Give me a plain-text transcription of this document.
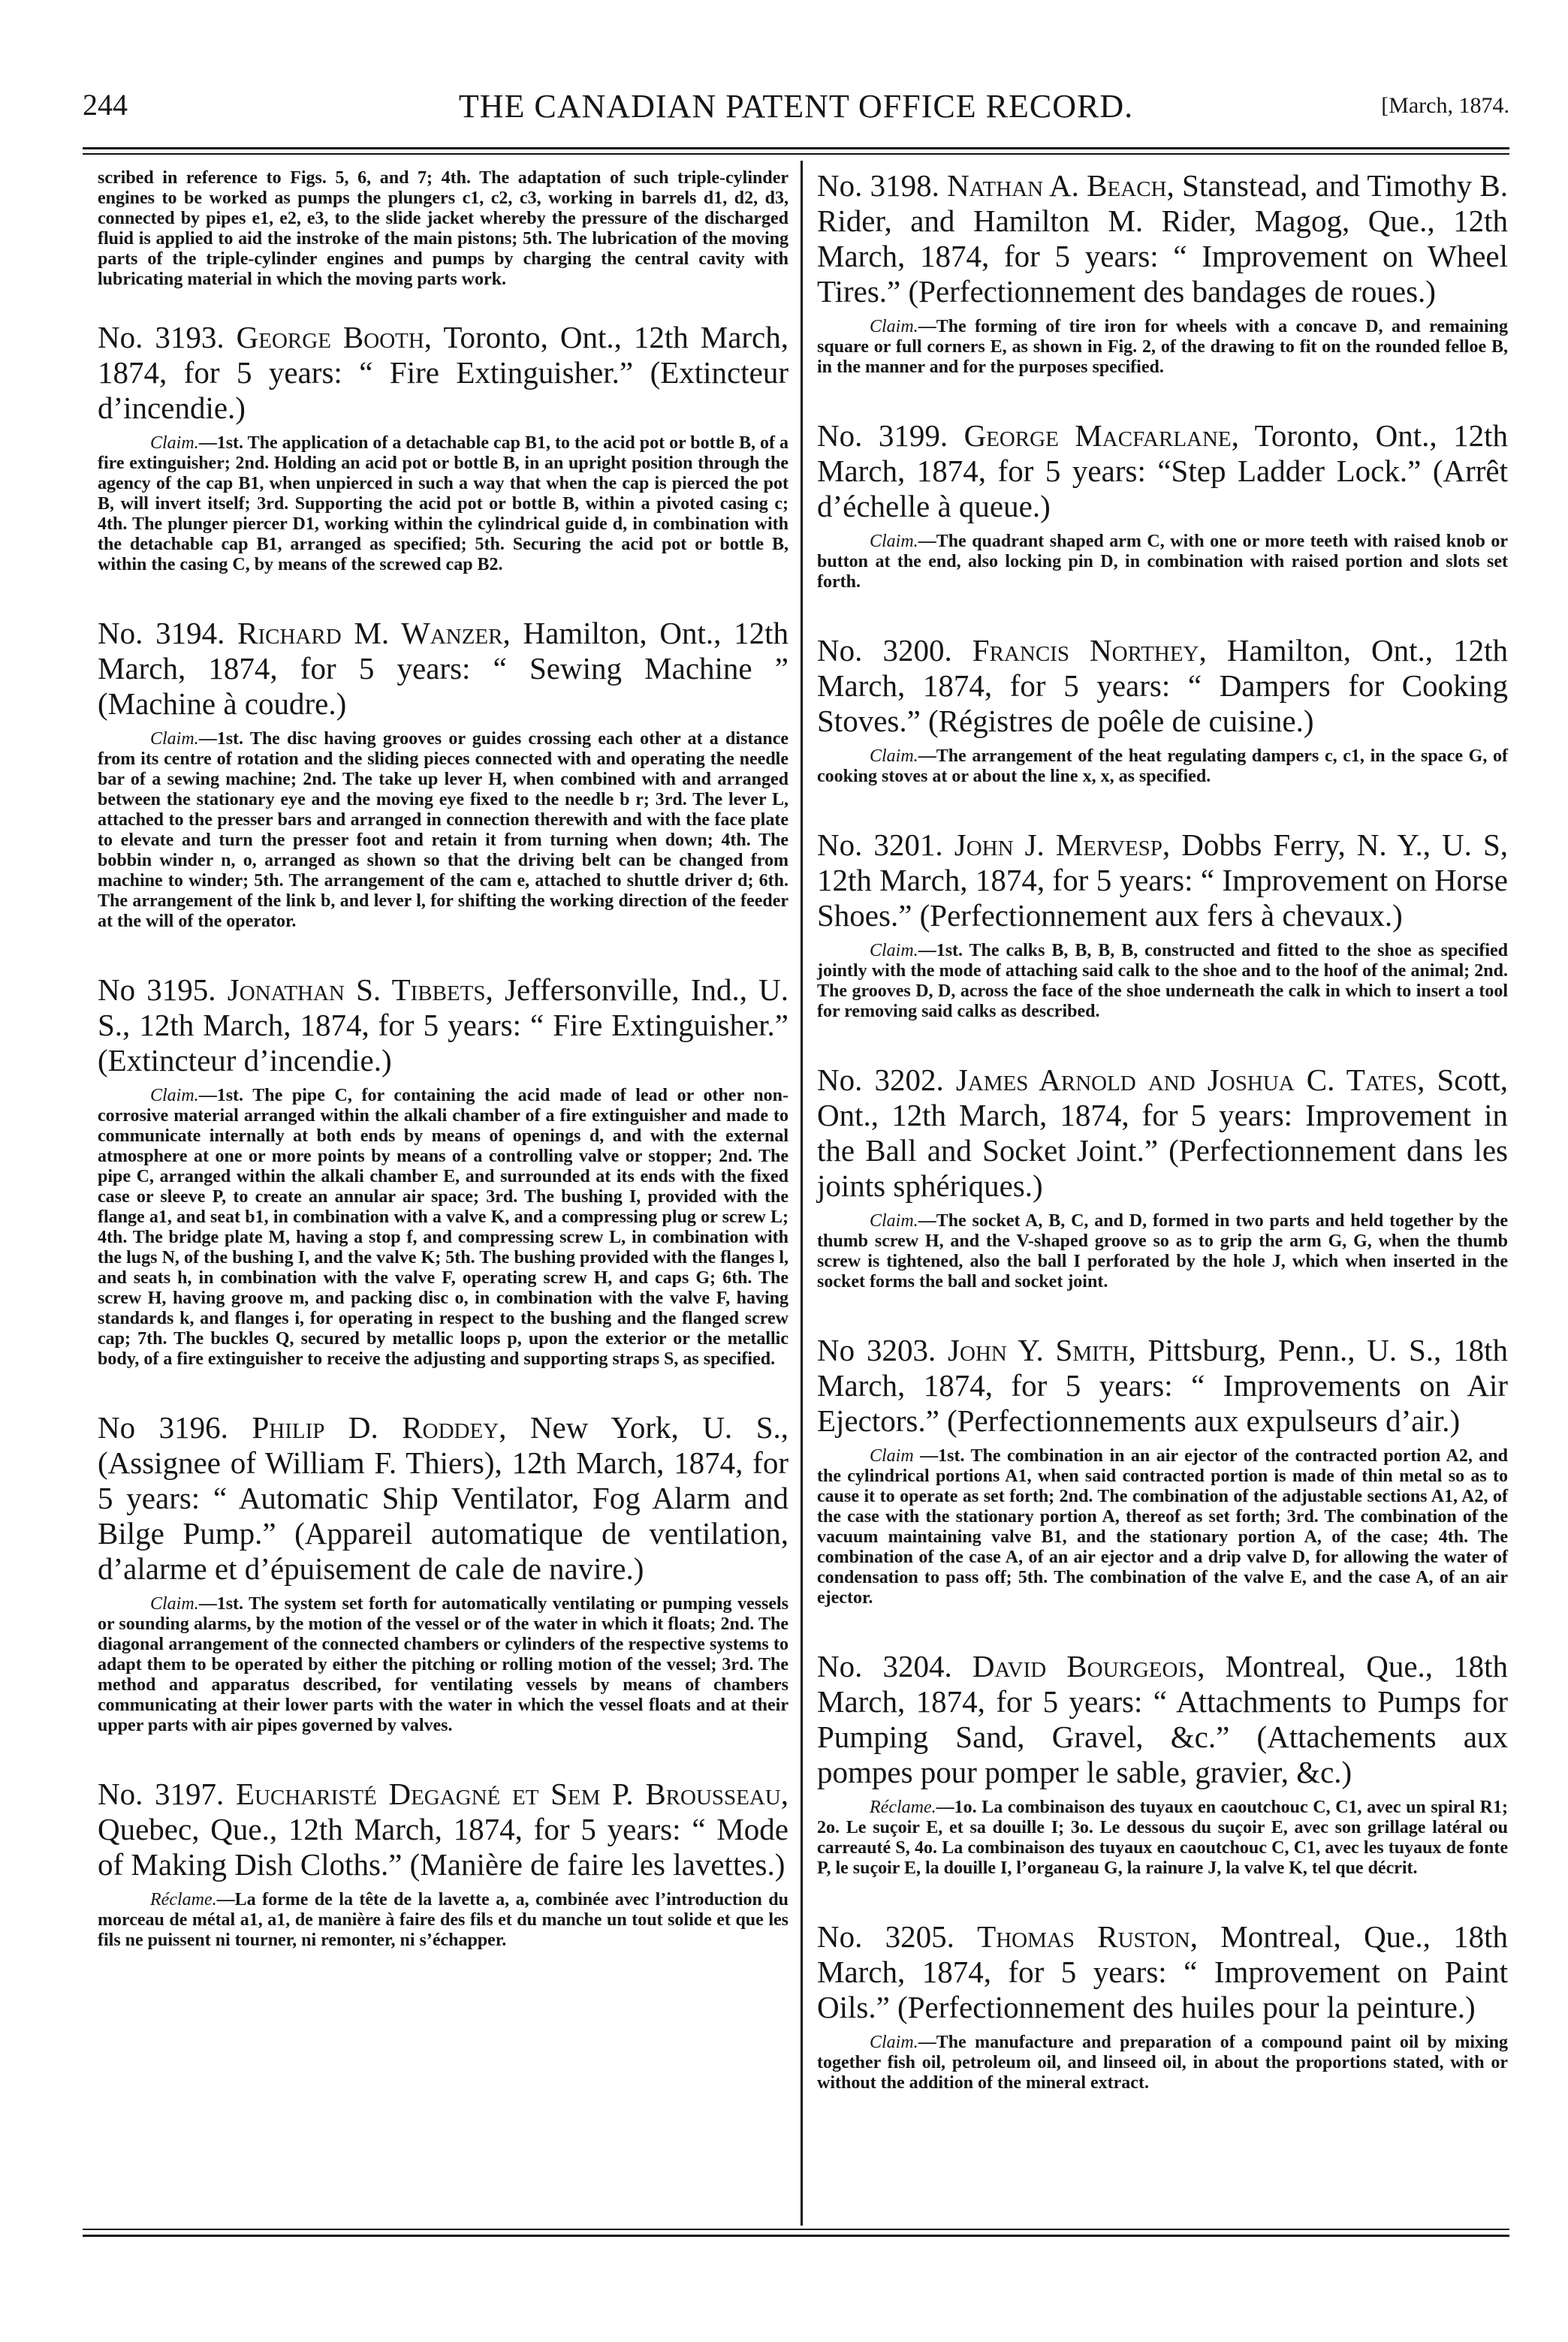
244	THE CANADIAN PATENT OFFICE RECORD.	[March, 1874.

scribed in reference to Figs. 5, 6, and 7; 4th. The adaptation of such triple-cylinder engines to be worked as pumps the plungers c1, c2, c3, working in barrels d1, d2, d3, connected by pipes e1, e2, e3, to the slide jacket whereby the pressure of the discharged fluid is applied to aid the instroke of the main pistons; 5th. The lubrication of the moving parts of the triple-cylinder engines and pumps by charging the central cavity with lubricating material in which the moving parts work.

No. 3193. George Booth, Toronto, Ont., 12th March, 1874, for 5 years: “ Fire Extinguisher.” (Extincteur d’incendie.)

Claim.—1st. The application of a detachable cap B1, to the acid pot or bottle B, of a fire extinguisher; 2nd. Holding an acid pot or bottle B, in an upright position through the agency of the cap B1, when unpierced in such a way that when the cap is pierced the pot B, will invert itself; 3rd. Supporting the acid pot or bottle B, within a pivoted casing c; 4th. The plunger piercer D1, working within the cylindrical guide d, in combination with the detachable cap B1, arranged as specified; 5th. Securing the acid pot or bottle B, within the casing C, by means of the screwed cap B2.

No. 3194. Richard M. Wanzer, Hamilton, Ont., 12th March, 1874, for 5 years: “ Sewing Machine ” (Machine à coudre.)

Claim.—1st. The disc having grooves or guides crossing each other at a distance from its centre of rotation and the sliding pieces connected with and operating the needle bar of a sewing machine; 2nd. The take up lever H, when combined with and arranged between the stationary eye and the moving eye fixed to the needle b r; 3rd. The lever L, attached to the presser bars and arranged in connection therewith and with the face plate to elevate and turn the presser foot and retain it from turning when down; 4th. The bobbin winder n, o, arranged as shown so that the driving belt can be changed from machine to winder; 5th. The arrangement of the cam e, attached to shuttle driver d; 6th. The arrangement of the link b, and lever l, for shifting the working direction of the feeder at the will of the operator.

No 3195. Jonathan S. Tibbets, Jeffersonville, Ind., U. S., 12th March, 1874, for 5 years: “ Fire Extinguisher.” (Extincteur d’incendie.)

Claim.—1st. The pipe C, for containing the acid made of lead or other non-corrosive material arranged within the alkali chamber of a fire extinguisher and made to communicate internally at both ends by means of openings d, and with the external atmosphere at one or more points by means of a controlling valve or stopper; 2nd. The pipe C, arranged within the alkali chamber E, and surrounded at its ends with the fixed case or sleeve P, to create an annular air space; 3rd. The bushing I, provided with the flange a1, and seat b1, in combination with a valve K, and a compressing plug or screw L; 4th. The bridge plate M, having a stop f, and compressing screw L, in combination with the lugs N, of the bushing I, and the valve K; 5th. The bushing provided with the flanges l, and seats h, in combination with the valve F, operating screw H, and caps G; 6th. The screw H, having groove m, and packing disc o, in combination with the valve F, having standards k, and flanges i, for operating in respect to the bushing and the flanged screw cap; 7th. The buckles Q, secured by metallic loops p, upon the exterior or the metallic body, of a fire extinguisher to receive the adjusting and supporting straps S, as specified.

No 3196. Philip D. Roddey, New York, U. S., (Assignee of William F. Thiers), 12th March, 1874, for 5 years: “ Automatic Ship Ventilator, Fog Alarm and Bilge Pump.” (Appareil automatique de ventilation, d’alarme et d’épuisement de cale de navire.)

Claim.—1st. The system set forth for automatically ventilating or pumping vessels or sounding alarms, by the motion of the vessel or of the water in which it floats; 2nd. The diagonal arrangement of the connected chambers or cylinders of the respective systems to adapt them to be operated by either the pitching or rolling motion of the vessel; 3rd. The method and apparatus described, for ventilating vessels by means of chambers communicating at their lower parts with the water in which the vessel floats and at their upper parts with air pipes governed by valves.

No. 3197. Eucharisté Degagné et Sem P. Brousseau, Quebec, Que., 12th March, 1874, for 5 years: “ Mode of Making Dish Cloths.” (Manière de faire les lavettes.)

Réclame.—La forme de la tête de la lavette a, a, combinée avec l’introduction du morceau de métal a1, a1, de manière à faire des fils et du manche un tout solide et que les fils ne puissent ni tourner, ni remonter, ni s’échapper.

No. 3198. Nathan A. Beach, Stanstead, and Timothy B. Rider, and Hamilton M. Rider, Magog, Que., 12th March, 1874, for 5 years: “ Improvement on Wheel Tires.” (Perfectionnement des bandages de roues.)

Claim.—The forming of tire iron for wheels with a concave D, and remaining square or full corners E, as shown in Fig. 2, of the drawing to fit on the rounded felloe B, in the manner and for the purposes specified.

No. 3199. George Macfarlane, Toronto, Ont., 12th March, 1874, for 5 years: “Step Ladder Lock.” (Arrêt d’échelle à queue.)

Claim.—The quadrant shaped arm C, with one or more teeth with raised knob or button at the end, also locking pin D, in combination with raised portion and slots set forth.

No. 3200. Francis Northey, Hamilton, Ont., 12th March, 1874, for 5 years: “ Dampers for Cooking Stoves.” (Régistres de poêle de cuisine.)

Claim.—The arrangement of the heat regulating dampers c, c1, in the space G, of cooking stoves at or about the line x, x, as specified.

No. 3201. John J. Mervesp, Dobbs Ferry, N. Y., U. S, 12th March, 1874, for 5 years: “ Improvement on Horse Shoes.” (Perfectionnement aux fers à chevaux.)

Claim.—1st. The calks B, B, B, B, constructed and fitted to the shoe as specified jointly with the mode of attaching said calk to the shoe and to the hoof of the animal; 2nd. The grooves D, D, across the face of the shoe underneath the calk in which to insert a tool for removing said calks as described.

No. 3202. James Arnold and Joshua C. Tates, Scott, Ont., 12th March, 1874, for 5 years: Improvement in the Ball and Socket Joint.” (Perfectionnement dans les joints sphériques.)

Claim.—The socket A, B, C, and D, formed in two parts and held together by the thumb screw H, and the V-shaped groove so as to grip the arm G, G, when the thumb screw is tightened, also the ball I perforated by the hole J, which when inserted in the socket forms the ball and socket joint.

No 3203. John Y. Smith, Pittsburg, Penn., U. S., 18th March, 1874, for 5 years: “ Improvements on Air Ejectors.” (Perfectionnements aux expulseurs d’air.)

Claim —1st. The combination in an air ejector of the contracted portion A2, and the cylindrical portions A1, when said contracted portion is made of thin metal so as to cause it to operate as set forth; 2nd. The combination of the adjustable sections A1, A2, of the case with the stationary portion A, thereof as set forth; 3rd. The combination of the vacuum maintaining valve B1, and the stationary portion A, of the case; 4th. The combination of the case A, of an air ejector and a drip valve D, for allowing the water of condensation to pass off; 5th. The combination of the valve E, and the case A, of an air ejector.

No. 3204. David Bourgeois, Montreal, Que., 18th March, 1874, for 5 years: “ Attachments to Pumps for Pumping Sand, Gravel, &c.” (Attachements aux pompes pour pomper le sable, gravier, &c.)

Réclame.—1o. La combinaison des tuyaux en caoutchouc C, C1, avec un spiral R1; 2o. Le suçoir E, et sa douille I; 3o. Le dessous du suçoir E, avec son grillage latéral ou carreauté S, 4o. La combinaison des tuyaux en caoutchouc C, C1, avec les tuyaux de fonte P, le suçoir E, la douille I, l’organeau G, la rainure J, la valve K, tel que décrit.

No. 3205. Thomas Ruston, Montreal, Que., 18th March, 1874, for 5 years: “ Improvement on Paint Oils.” (Perfectionnement des huiles pour la peinture.)

Claim.—The manufacture and preparation of a compound paint oil by mixing together fish oil, petroleum oil, and linseed oil, in about the proportions stated, with or without the addition of the mineral extract.
